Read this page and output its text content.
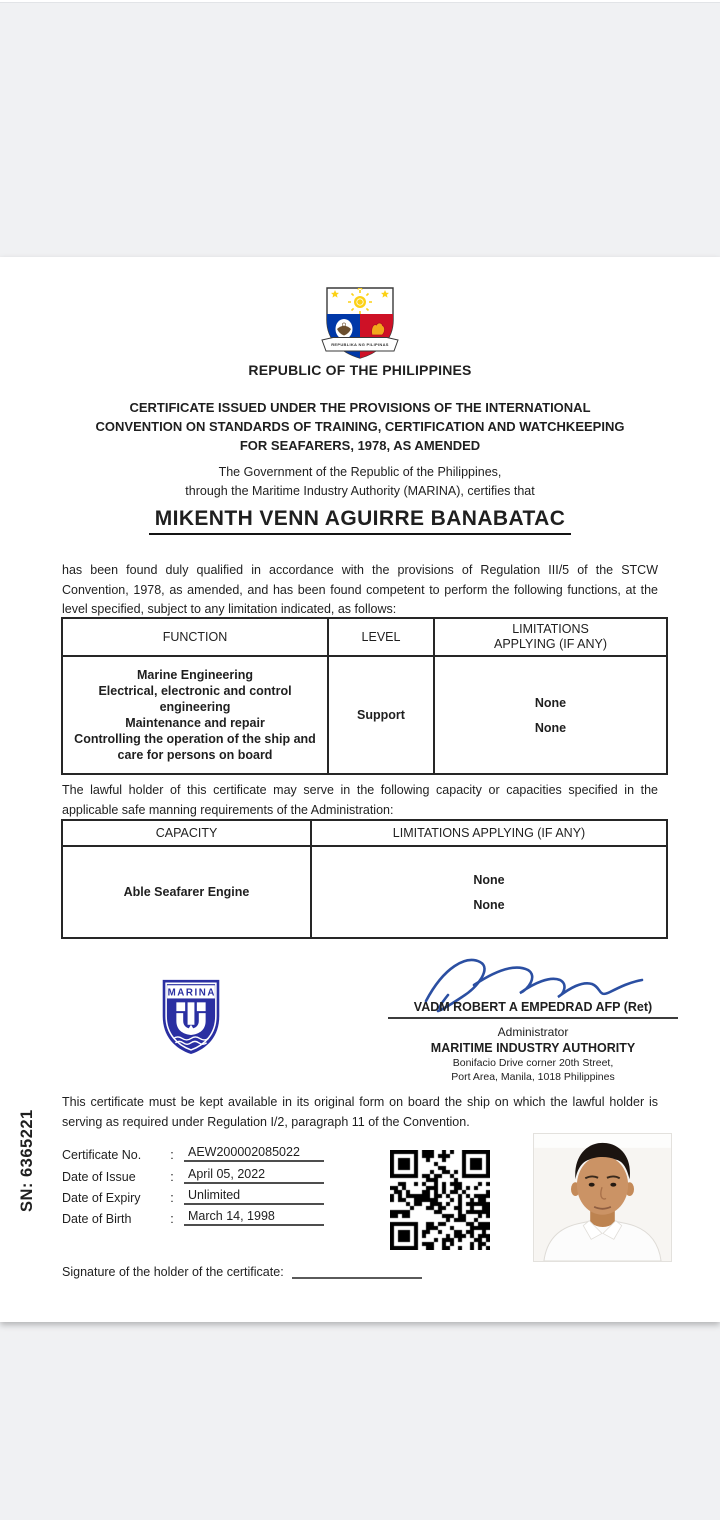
REPUBLIKA NG PILIPINAS
REPUBLIC OF THE PHILIPPINES
CERTIFICATE ISSUED UNDER THE PROVISIONS OF THE INTERNATIONAL
CONVENTION ON STANDARDS OF TRAINING, CERTIFICATION AND WATCHKEEPING
FOR SEAFARERS, 1978, AS AMENDED
The Government of the Republic of the Philippines,
through the Maritime Industry Authority (MARINA), certifies that
MIKENTH VENN AGUIRRE BANABATAC

has been found duly qualified in accordance with the provisions of Regulation III/5 of the STCW Convention, 1978, as amended, and has been found competent to perform the following functions, at the level specified, subject to any limitation indicated, as follows:

FUNCTION	LEVEL	LIMITATIONS
APPLYING (IF ANY)

Marine Engineering
Electrical, electronic and control engineering
Maintenance and repair
Controlling the operation of the ship and care for persons on board
	Support	
None
None

The lawful holder of this certificate may serve in the following capacity or capacities specified in the applicable safe manning requirements of the Administration:

CAPACITY	LIMITATIONS APPLYING (IF ANY)
Able Seafarer Engine	None
None
MARINA
VADM ROBERT A EMPEDRAD AFP (Ret)
Administrator
MARITIME INDUSTRY AUTHORITY
Bonifacio Drive corner 20th Street,
Port Area, Manila, 1018 Philippines

This certificate must be kept available in its original form on board the ship on which the lawful holder is serving as required under Regulation I/2, paragraph 11 of the Convention.

Certificate No.	:	AEW200002085022
Date of Issue	:	April 05, 2022
Date of Expiry	:	Unlimited
Date of Birth	:	March 14, 1998
SN: 6365221
Signature of the holder of the certificate:
